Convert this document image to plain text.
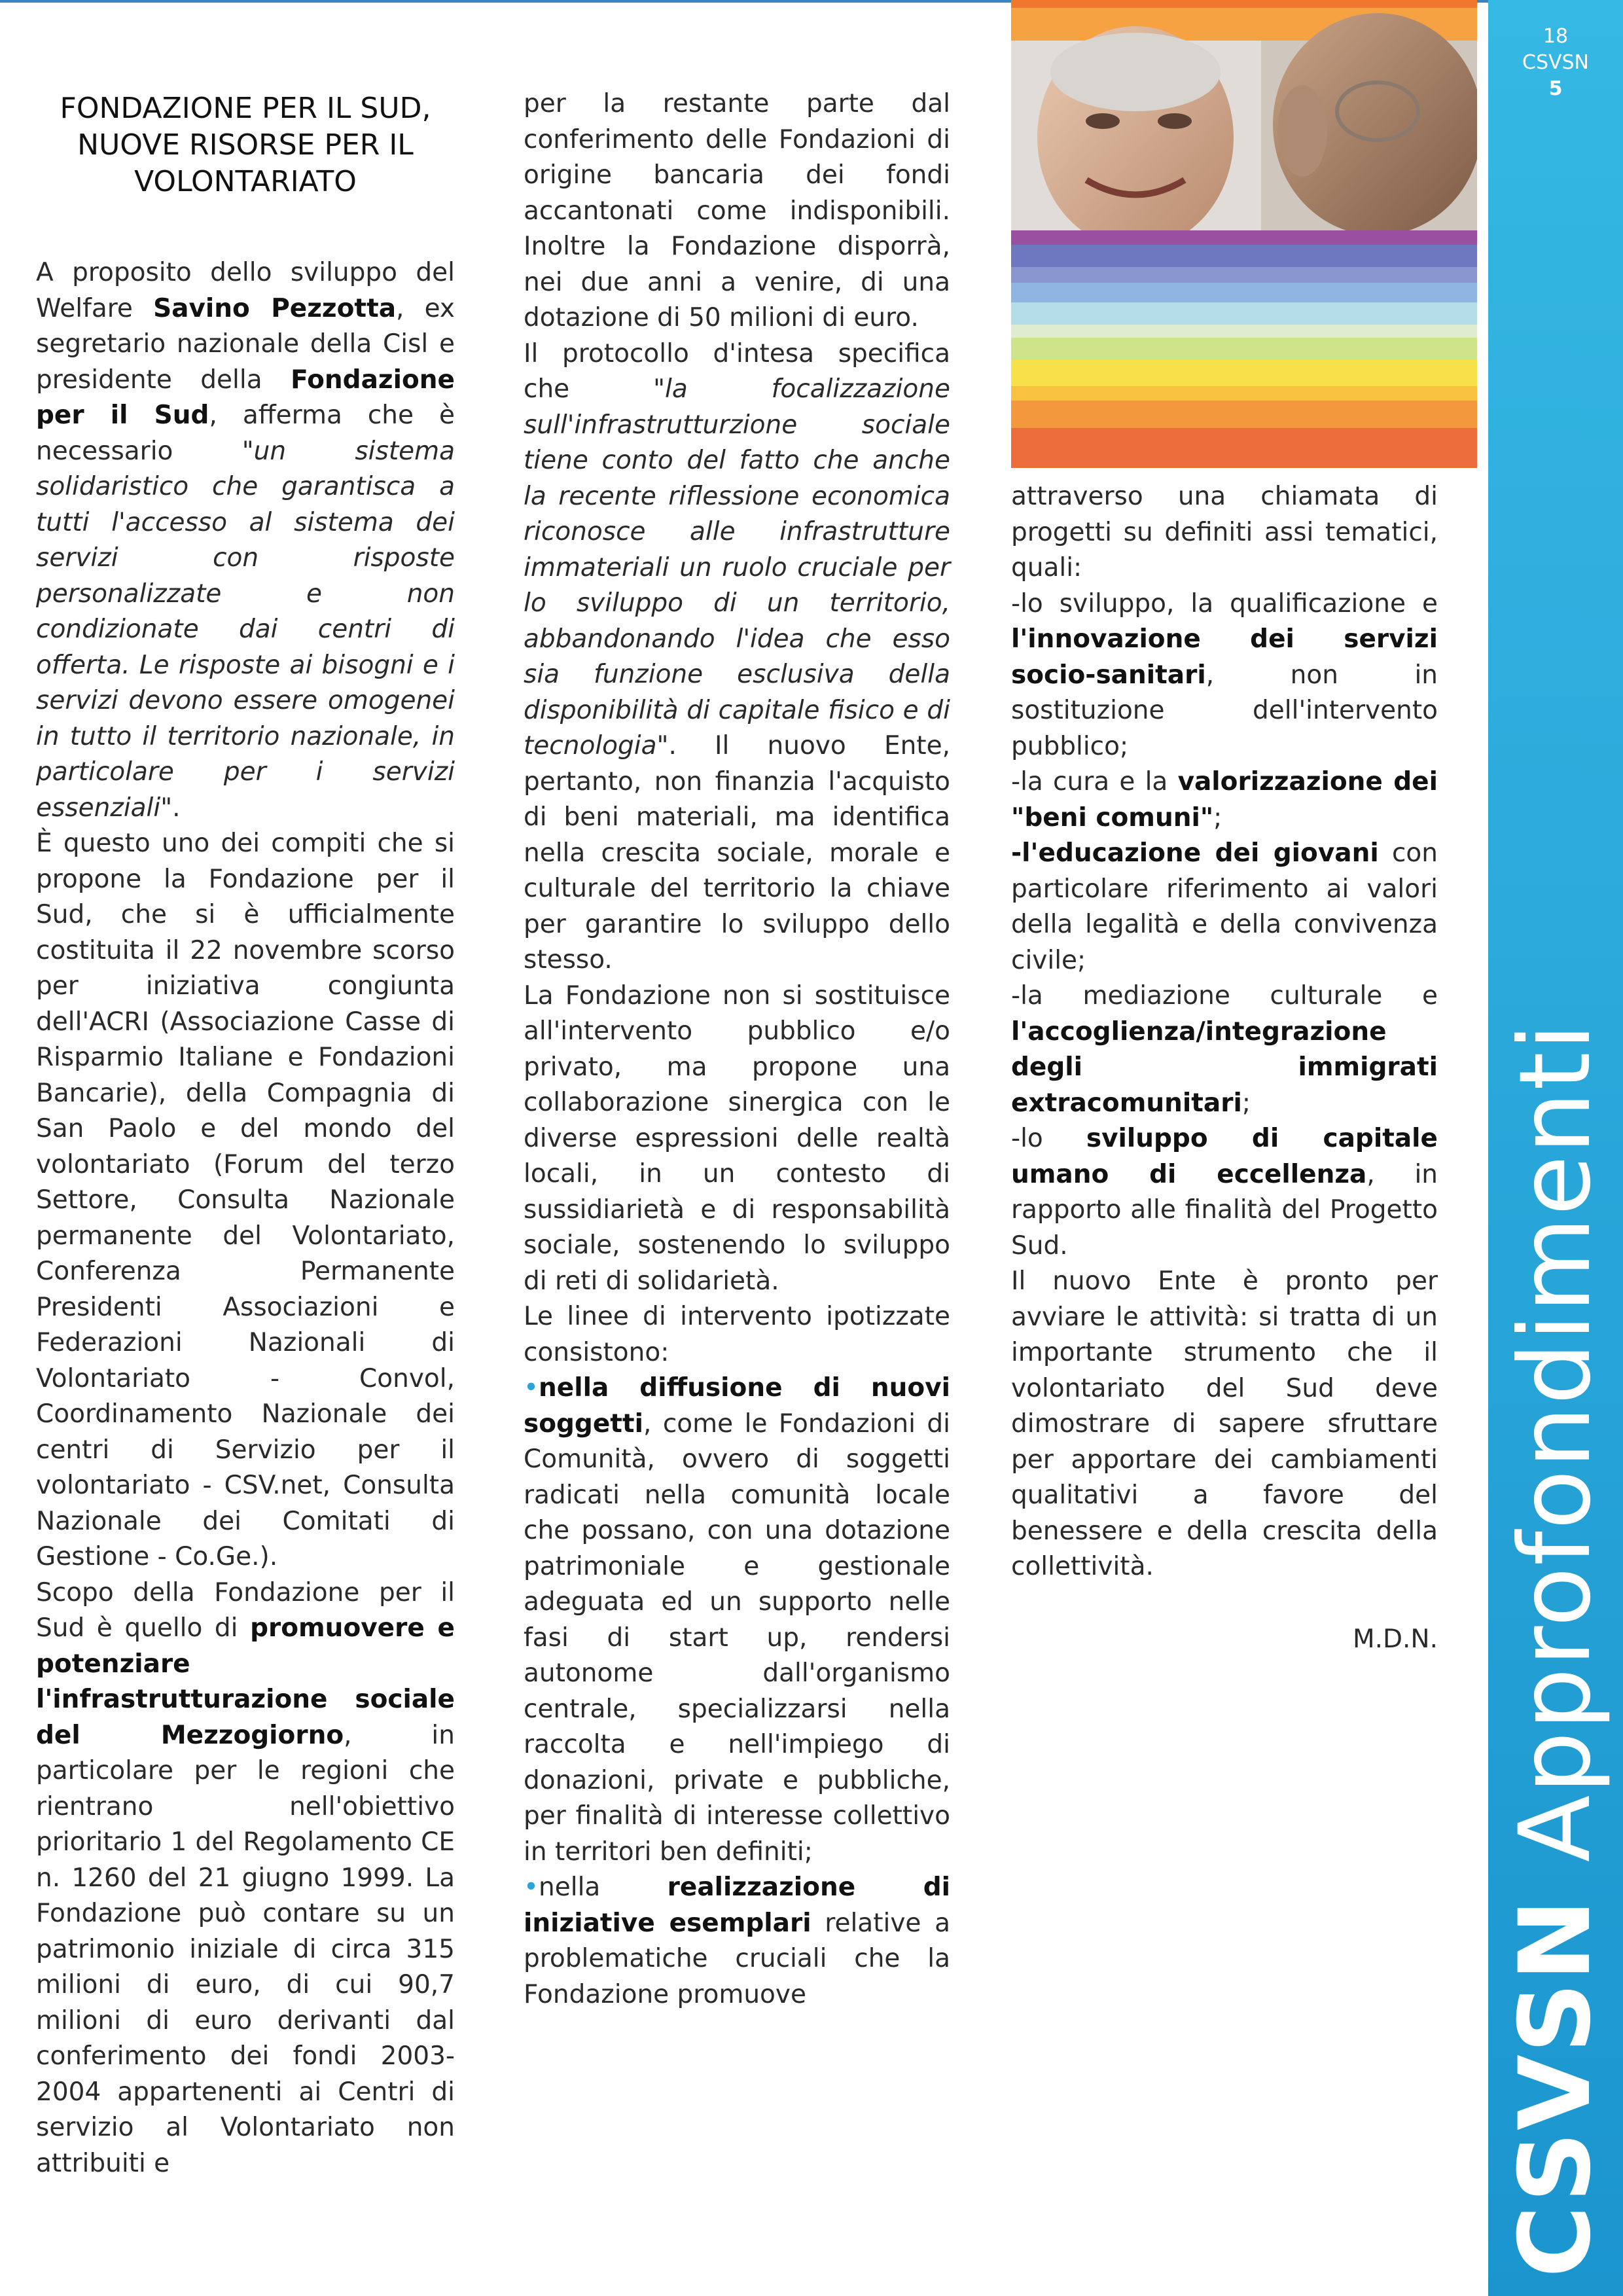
FONDAZIONE PER IL SUD,
NUOVE RISORSE PER IL
VOLONTARIATO

A proposito dello sviluppo del Welfare Savino Pezzotta, ex segretario nazionale della Cisl e presidente della Fondazione per il Sud, afferma che è necessario "un sistema solidaristico che garantisca a tutti l'accesso al sistema dei servizi con risposte personalizzate e non condizionate dai centri di offerta. Le risposte ai bisogni e i servizi devono essere omogenei in tutto il territorio nazionale, in particolare per i servizi essenziali".

È questo uno dei compiti che si propone la Fondazione per il Sud, che si è ufficialmente costituita il 22 novembre scorso per iniziativa congiunta dell'ACRI (Associazione Casse di Risparmio Italiane e Fondazioni Bancarie), della Compagnia di San Paolo e del mondo del volontariato (Forum del terzo Settore, Consulta Nazionale permanente del Volontariato, Conferenza Permanente Presidenti Associazioni e Federazioni Nazionali di Volontariato - Convol, Coordinamento Nazionale dei centri di Servizio per il volontariato - CSV.net, Consulta Nazionale dei Comitati di Gestione - Co.Ge.).

Scopo della Fondazione per il Sud è quello di promuovere e potenziare l'infrastrutturazione sociale del Mezzogiorno, in particolare per le regioni che rientrano nell'obiettivo prioritario 1 del Regolamento CE n. 1260 del 21 giugno 1999. La Fondazione può contare su un patrimonio iniziale di circa 315 milioni di euro, di cui 90,7 milioni di euro derivanti dal conferimento dei fondi 2003-2004 appartenenti ai Centri di servizio al Volontariato non attribuiti e

per la restante parte dal conferimento delle Fondazioni di origine bancaria dei fondi accantonati come indisponibili. Inoltre la Fondazione disporrà, nei due anni a venire, di una dotazione di 50 milioni di euro.

Il protocollo d'intesa specifica che "la focalizzazione sull'infrastrutturzione sociale tiene conto del fatto che anche la recente riflessione economica riconosce alle infrastrutture immateriali un ruolo cruciale per lo sviluppo di un territorio, abbandonando l'idea che esso sia funzione esclusiva della disponibilità di capitale fisico e di tecnologia". Il nuovo Ente, pertanto, non finanzia l'acquisto di beni materiali, ma identifica nella crescita sociale, morale e culturale del territorio la chiave per garantire lo sviluppo dello stesso.

La Fondazione non si sostituisce all'intervento pubblico e/o privato, ma propone una collaborazione sinergica con le diverse espressioni delle realtà locali, in un contesto di sussidiarietà e di responsabilità sociale, sostenendo lo sviluppo di reti di solidarietà.

Le linee di intervento ipotizzate consistono:

•nella diffusione di nuovi soggetti, come le Fondazioni di Comunità, ovvero di soggetti radicati nella comunità locale che possano, con una dotazione patrimoniale e gestionale adeguata ed un supporto nelle fasi di start up, rendersi autonome dall'organismo centrale, specializzarsi nella raccolta e nell'impiego di donazioni, private e pubbliche, per finalità di interesse collettivo in territori ben definiti;

•nella realizzazione di iniziative esemplari relative a problematiche cruciali che la Fondazione promuove

attraverso una chiamata di progetti su definiti assi tematici, quali:

-lo sviluppo, la qualificazione e l'innovazione dei servizi socio-sanitari, non in sostituzione dell'intervento pubblico;

-la cura e la valorizzazione dei "beni comuni";

-l'educazione dei giovani con particolare riferimento ai valori della legalità e della convivenza civile;

-la mediazione culturale e l'accoglienza/integrazione degli immigrati extracomunitari;

-lo sviluppo di capitale umano di eccellenza, in rapporto alle finalità del Progetto Sud.

Il nuovo Ente è pronto per avviare le attività: si tratta di un importante strumento che il volontariato del Sud deve dimostrare di sapere sfruttare per apportare dei cambiamenti qualitativi a favore del benessere e della crescita della collettività.

M.D.N.

18
CSVSN
5
CSVSN Approfondimenti
